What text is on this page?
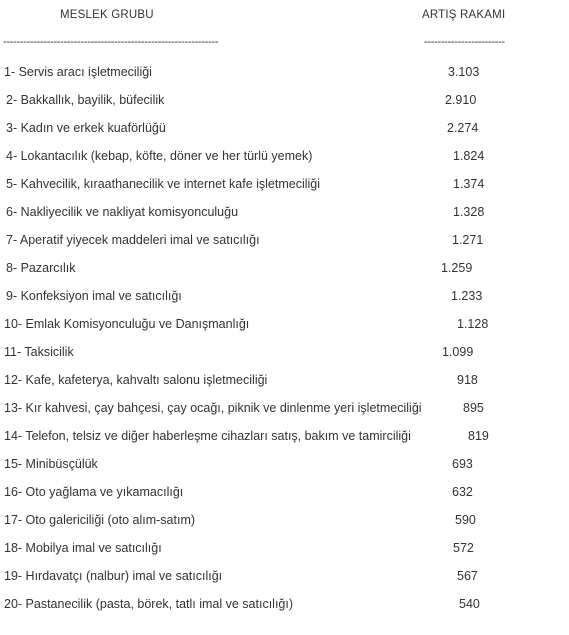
MESLEK GRUBU	ARTIŞ RAKAMI
----------------------------------------------------------------	------------------------
1- Servis aracı işletmeciliği	3.103
2- Bakkallık, bayilik, büfecilik	2.910
3- Kadın ve erkek kuaförlüğü	2.274
4- Lokantacılık (kebap, köfte, döner ve her türlü yemek)	1.824
5- Kahvecilik, kıraathanecilik ve internet kafe işletmeciliği	1.374
6- Nakliyecilik ve nakliyat komisyonculuğu	1.328
7- Aperatif yiyecek maddeleri imal ve satıcılığı	1.271
8- Pazarcılık	1.259
9- Konfeksiyon imal ve satıcılığı	1.233
10- Emlak Komisyonculuğu ve Danışmanlığı	1.128
11- Taksicilik	1.099
12- Kafe, kafeterya, kahvaltı salonu işletmeciliği	918
13- Kır kahvesi, çay bahçesi, çay ocağı, piknik ve dinlenme yeri işletmeciliği	895
14- Telefon, telsiz ve diğer haberleşme cihazları satış, bakım ve tamirciliği	819
15- Minibüsçülük	693
16- Oto yağlama ve yıkamacılığı	632
17- Oto galericiliği (oto alım-satım)	590
18- Mobilya imal ve satıcılığı	572
19- Hırdavatçı (nalbur) imal ve satıcılığı	567
20- Pastanecilik (pasta, börek, tatlı imal ve satıcılığı)	540
